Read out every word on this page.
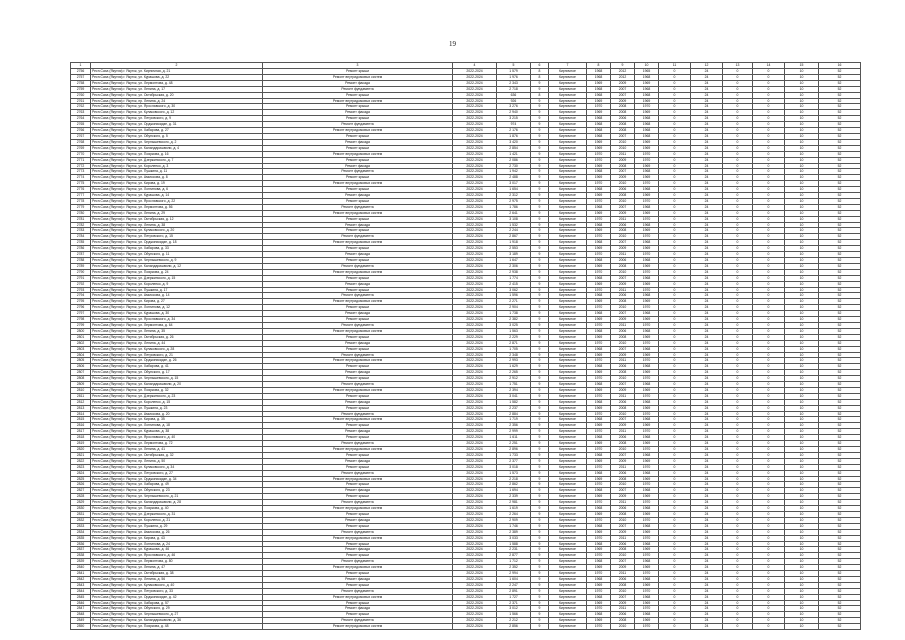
19
1	2	3	4	5	6	7	8	9	10	11	12	13	14	15	16
2756	Респ.Саха (Якутия) г. Якутск, ул. Кирпичная, д. 21	Ремонт крыши	2022-2024	1 579	8	Кирпичное	1968	2012	1965	0	24	0	0	10	52
2757	Респ.Саха (Якутия) г. Якутск, ул. Курашова, д. 22	Ремонт внутридомовых систем	2022-2024	1 976	8	Кирпичное	1968	2012	1968	0	24	0	0	10	52
2758	Респ.Саха (Якутия) г. Якутск, ул. Лермонтова, д. 48	Ремонт фасада	2022-2024	2 343	9	Кирпичное	1969	2009	1969	0	24	0	0	10	52
2759	Респ.Саха (Якутия) г. Якутск, ул. Ленина, д. 17	Ремонт фундамента	2022-2024	2 718	9	Кирпичное	1968	2007	1968	0	24	0	0	10	52
2760	Респ.Саха (Якутия) г. Якутск, ул. Октябрьская, д. 20	Ремонт крыши	2022-2024	636	8	Кирпичное	1968	2007	1968	0	24	0	0	10	52
2761	Респ.Саха (Якутия) г. Якутск, пр. Ленина, д. 24	Ремонт внутридомовых систем	2022-2024	926	9	Кирпичное	1969	2009	1969	0	24	0	0	10	52
2762	Респ.Саха (Якутия) г. Якутск, ул. Ярославского, д. 30	Ремонт крыши	2022-2024	3 276	9	Кирпичное	1970	2008	1970	0	24	0	0	10	52
2763	Респ.Саха (Якутия) г. Якутск, ул. Кулаковского, д. 12	Ремонт фасада	2022-2024	2 940	9	Кирпичное	1969	2008	1969	0	24	0	0	10	52
2764	Респ.Саха (Якутия) г. Якутск, ул. Петровского, д. 9	Ремонт крыши	2022-2024	3 215	9	Кирпичное	1968	2006	1968	0	24	0	0	10	52
2765	Респ.Саха (Якутия) г. Якутск, ул. Орджоникидзе, д. 31	Ремонт фундамента	2022-2024	974	9	Кирпичное	1968	2008	1968	0	24	0	0	10	52
2766	Респ.Саха (Якутия) г. Якутск, ул. Хабарова, д. 27	Ремонт внутридомовых систем	2022-2024	2 176	9	Кирпичное	1968	2008	1968	0	24	0	0	10	52
2767	Респ.Саха (Якутия) г. Якутск, ул. Ойунского, д. 5	Ремонт крыши	2022-2024	1 876	9	Кирпичное	1968	2007	1968	0	24	0	0	10	52
2768	Респ.Саха (Якутия) г. Якутск, ул. Чернышевского, д. 2	Ремонт фасада	2022-2024	3 420	9	Кирпичное	1969	2010	1969	0	24	0	0	10	52
2769	Респ.Саха (Якутия) г. Якутск, ул. Каландаришвили, д. 4	Ремонт крыши	2022-2024	2 854	9	Кирпичное	1969	2010	1969	0	24	0	0	10	52
2770	Респ.Саха (Якутия) г. Якутск, ул. Пояркова, д. 16	Ремонт внутридомовых систем	2022-2024	1 421	9	Кирпичное	1970	2011	1970	0	24	0	0	10	52
2771	Респ.Саха (Якутия) г. Якутск, ул. Дзержинского, д. 7	Ремонт крыши	2022-2024	2 086	9	Кирпичное	1970	2009	1970	0	24	0	0	10	52
2772	Респ.Саха (Якутия) г. Якутск, ул. Короленко, д. 3	Ремонт фасада	2022-2024	2 730	9	Кирпичное	1969	2008	1969	0	24	0	0	10	52
2773	Респ.Саха (Якутия) г. Якутск, ул. Пушкина, д. 11	Ремонт фундамента	2022-2024	1 942	9	Кирпичное	1968	2007	1968	0	24	0	0	10	52
2774	Респ.Саха (Якутия) г. Якутск, ул. Аммосова, д. 8	Ремонт крыши	2022-2024	2 488	9	Кирпичное	1969	2009	1969	0	24	0	0	10	52
2775	Респ.Саха (Якутия) г. Якутск, ул. Кирова, д. 19	Ремонт внутридомовых систем	2022-2024	3 017	9	Кирпичное	1970	2010	1970	0	24	0	0	10	52
2776	Респ.Саха (Якутия) г. Якутск, ул. Лонгинова, д. 6	Ремонт крыши	2022-2024	1 654	9	Кирпичное	1968	2006	1968	0	24	0	0	10	52
2777	Респ.Саха (Якутия) г. Якутск, ул. Курашова, д. 14	Ремонт фасада	2022-2024	2 312	9	Кирпичное	1969	2008	1969	0	24	0	0	10	52
2778	Респ.Саха (Якутия) г. Якутск, ул. Ярославского, д. 22	Ремонт крыши	2022-2024	2 975	9	Кирпичное	1970	2010	1970	0	24	0	0	10	52
2779	Респ.Саха (Якутия) г. Якутск, ул. Лермонтова, д. 56	Ремонт фундамента	2022-2024	1 786	9	Кирпичное	1968	2007	1968	0	24	0	0	10	52
2780	Респ.Саха (Якутия) г. Якутск, ул. Ленина, д. 29	Ремонт внутридомовых систем	2022-2024	2 641	9	Кирпичное	1969	2009	1969	0	24	0	0	10	52
2781	Респ.Саха (Якутия) г. Якутск, ул. Октябрьская, д. 12	Ремонт крыши	2022-2024	3 108	9	Кирпичное	1970	2011	1970	0	24	0	0	10	52
2782	Респ.Саха (Якутия) г. Якутск, пр. Ленина, д. 38	Ремонт фасада	2022-2024	1 532	9	Кирпичное	1968	2006	1968	0	24	0	0	10	52
2783	Респ.Саха (Якутия) г. Якутск, ул. Кулаковского, д. 20	Ремонт крыши	2022-2024	2 244	9	Кирпичное	1969	2008	1969	0	24	0	0	10	52
2784	Респ.Саха (Якутия) г. Якутск, ул. Петровского, д. 15	Ремонт фундамента	2022-2024	2 867	9	Кирпичное	1970	2010	1970	0	24	0	0	10	52
2785	Респ.Саха (Якутия) г. Якутск, ул. Орджоникидзе, д. 18	Ремонт внутридомовых систем	2022-2024	1 918	9	Кирпичное	1968	2007	1968	0	24	0	0	10	52
2786	Респ.Саха (Якутия) г. Якутск, ул. Хабарова, д. 33	Ремонт крыши	2022-2024	2 553	9	Кирпичное	1969	2009	1969	0	24	0	0	10	52
2787	Респ.Саха (Якутия) г. Якутск, ул. Ойунского, д. 11	Ремонт фасада	2022-2024	3 189	9	Кирпичное	1970	2011	1970	0	24	0	0	10	52
2788	Респ.Саха (Якутия) г. Якутск, ул. Чернышевского, д. 9	Ремонт крыши	2022-2024	1 647	9	Кирпичное	1968	2006	1968	0	24	0	0	10	52
2789	Респ.Саха (Якутия) г. Якутск, ул. Каландаришвили, д. 12	Ремонт фундамента	2022-2024	2 306	9	Кирпичное	1969	2008	1969	0	24	0	0	10	52
2790	Респ.Саха (Якутия) г. Якутск, ул. Пояркова, д. 24	Ремонт внутридомовых систем	2022-2024	2 938	9	Кирпичное	1970	2010	1970	0	24	0	0	10	52
2791	Респ.Саха (Якутия) г. Якутск, ул. Дзержинского, д. 15	Ремонт крыши	2022-2024	1 774	9	Кирпичное	1968	2007	1968	0	24	0	0	10	52
2792	Респ.Саха (Якутия) г. Якутск, ул. Короленко, д. 9	Ремонт фасада	2022-2024	2 415	9	Кирпичное	1969	2009	1969	0	24	0	0	10	52
2793	Респ.Саха (Якутия) г. Якутск, ул. Пушкина, д. 17	Ремонт крыши	2022-2024	3 062	9	Кирпичное	1970	2011	1970	0	24	0	0	10	52
2794	Респ.Саха (Якутия) г. Якутск, ул. Аммосова, д. 14	Ремонт фундамента	2022-2024	1 596	9	Кирпичное	1968	2006	1968	0	24	0	0	10	52
2795	Респ.Саха (Якутия) г. Якутск, ул. Кирова, д. 27	Ремонт внутридомовых систем	2022-2024	2 271	9	Кирпичное	1969	2008	1969	0	24	0	0	10	52
2796	Респ.Саха (Якутия) г. Якутск, ул. Лонгинова, д. 12	Ремонт крыши	2022-2024	2 904	9	Кирпичное	1970	2010	1970	0	24	0	0	10	52
2797	Респ.Саха (Якутия) г. Якутск, ул. Курашова, д. 30	Ремонт фасада	2022-2024	1 738	9	Кирпичное	1968	2007	1968	0	24	0	0	10	52
2798	Респ.Саха (Якутия) г. Якутск, ул. Ярославского, д. 34	Ремонт крыши	2022-2024	2 382	9	Кирпичное	1969	2009	1969	0	24	0	0	10	52
2799	Респ.Саха (Якутия) г. Якутск, ул. Лермонтова, д. 64	Ремонт фундамента	2022-2024	3 025	9	Кирпичное	1970	2011	1970	0	24	0	0	10	52
2800	Респ.Саха (Якутия) г. Якутск, ул. Ленина, д. 35	Ремонт внутридомовых систем	2022-2024	1 563	9	Кирпичное	1968	2006	1968	0	24	0	0	10	52
2801	Респ.Саха (Якутия) г. Якутск, ул. Октябрьская, д. 26	Ремонт крыши	2022-2024	2 229	9	Кирпичное	1969	2008	1969	0	24	0	0	10	52
2802	Респ.Саха (Якутия) г. Якутск, пр. Ленина, д. 44	Ремонт фасада	2022-2024	2 871	9	Кирпичное	1970	2010	1970	0	24	0	0	10	52
2803	Респ.Саха (Якутия) г. Якутск, ул. Кулаковского, д. 28	Ремонт крыши	2022-2024	1 705	9	Кирпичное	1968	2007	1968	0	24	0	0	10	52
2804	Респ.Саха (Якутия) г. Якутск, ул. Петровского, д. 21	Ремонт фундамента	2022-2024	2 348	9	Кирпичное	1969	2009	1969	0	24	0	0	10	52
2805	Респ.Саха (Якутия) г. Якутск, ул. Орджоникидзе, д. 26	Ремонт внутридомовых систем	2022-2024	2 993	9	Кирпичное	1970	2011	1970	0	24	0	0	10	52
2806	Респ.Саха (Якутия) г. Якутск, ул. Хабарова, д. 41	Ремонт крыши	2022-2024	1 629	9	Кирпичное	1968	2006	1968	0	24	0	0	10	52
2807	Респ.Саха (Якутия) г. Якутск, ул. Ойунского, д. 17	Ремонт фасада	2022-2024	2 265	9	Кирпичное	1969	2008	1969	0	24	0	0	10	52
2808	Респ.Саха (Якутия) г. Якутск, ул. Чернышевского, д. 15	Ремонт крыши	2022-2024	2 912	9	Кирпичное	1970	2010	1970	0	24	0	0	10	52
2809	Респ.Саха (Якутия) г. Якутск, ул. Каландаришвили, д. 20	Ремонт фундамента	2022-2024	1 751	9	Кирпичное	1968	2007	1968	0	24	0	0	10	52
2810	Респ.Саха (Якутия) г. Якутск, ул. Пояркова, д. 32	Ремонт внутридомовых систем	2022-2024	2 394	9	Кирпичное	1969	2009	1969	0	24	0	0	10	52
2811	Респ.Саха (Якутия) г. Якутск, ул. Дзержинского, д. 23	Ремонт крыши	2022-2024	3 041	9	Кирпичное	1970	2011	1970	0	24	0	0	10	52
2812	Респ.Саха (Якутия) г. Якутск, ул. Короленко, д. 15	Ремонт фасада	2022-2024	1 582	9	Кирпичное	1968	2006	1968	0	24	0	0	10	52
2813	Респ.Саха (Якутия) г. Якутск, ул. Пушкина, д. 23	Ремонт крыши	2022-2024	2 237	9	Кирпичное	1969	2008	1969	0	24	0	0	10	52
2814	Респ.Саха (Якутия) г. Якутск, ул. Аммосова, д. 20	Ремонт фундамента	2022-2024	2 884	9	Кирпичное	1970	2010	1970	0	24	0	0	10	52
2815	Респ.Саха (Якутия) г. Якутск, ул. Кирова, д. 35	Ремонт внутридомовых систем	2022-2024	1 719	9	Кирпичное	1968	2007	1968	0	24	0	0	10	52
2816	Респ.Саха (Якутия) г. Якутск, ул. Лонгинова, д. 18	Ремонт крыши	2022-2024	2 356	9	Кирпичное	1969	2009	1969	0	24	0	0	10	52
2817	Респ.Саха (Якутия) г. Якутск, ул. Курашова, д. 38	Ремонт фасада	2022-2024	2 999	9	Кирпичное	1970	2011	1970	0	24	0	0	10	52
2818	Респ.Саха (Якутия) г. Якутск, ул. Ярославского, д. 40	Ремонт крыши	2022-2024	1 611	9	Кирпичное	1968	2006	1968	0	24	0	0	10	52
2819	Респ.Саха (Якутия) г. Якутск, ул. Лермонтова, д. 72	Ремонт фундамента	2022-2024	2 251	9	Кирпичное	1969	2008	1969	0	24	0	0	10	52
2820	Респ.Саха (Якутия) г. Якутск, ул. Ленина, д. 41	Ремонт внутридомовых систем	2022-2024	2 896	9	Кирпичное	1970	2010	1970	0	24	0	0	10	52
2821	Респ.Саха (Якутия) г. Якутск, ул. Октябрьская, д. 32	Ремонт крыши	2022-2024	1 733	9	Кирпичное	1968	2007	1968	0	24	0	0	10	52
2822	Респ.Саха (Якутия) г. Якутск, пр. Ленина, д. 50	Ремонт фасада	2022-2024	2 377	9	Кирпичное	1969	2009	1969	0	24	0	0	10	52
2823	Респ.Саха (Якутия) г. Якутск, ул. Кулаковского, д. 34	Ремонт крыши	2022-2024	3 018	9	Кирпичное	1970	2011	1970	0	24	0	0	10	52
2824	Респ.Саха (Якутия) г. Якутск, ул. Петровского, д. 27	Ремонт фундамента	2022-2024	1 573	9	Кирпичное	1968	2006	1968	0	24	0	0	10	52
2825	Респ.Саха (Якутия) г. Якутск, ул. Орджоникидзе, д. 34	Ремонт внутридомовых систем	2022-2024	2 218	9	Кирпичное	1969	2008	1969	0	24	0	0	10	52
2826	Респ.Саха (Якутия) г. Якутск, ул. Хабарова, д. 49	Ремонт крыши	2022-2024	2 862	9	Кирпичное	1970	2010	1970	0	24	0	0	10	52
2827	Респ.Саха (Якутия) г. Якутск, ул. Ойунского, д. 23	Ремонт фасада	2022-2024	1 694	9	Кирпичное	1968	2007	1968	0	24	0	0	10	52
2828	Респ.Саха (Якутия) г. Якутск, ул. Чернышевского, д. 21	Ремонт крыши	2022-2024	2 339	9	Кирпичное	1969	2009	1969	0	24	0	0	10	52
2829	Респ.Саха (Якутия) г. Якутск, ул. Каландаришвили, д. 28	Ремонт фундамента	2022-2024	2 981	9	Кирпичное	1970	2011	1970	0	24	0	0	10	52
2830	Респ.Саха (Якутия) г. Якутск, ул. Пояркова, д. 40	Ремонт внутридомовых систем	2022-2024	1 619	9	Кирпичное	1968	2006	1968	0	24	0	0	10	52
2831	Респ.Саха (Якутия) г. Якутск, ул. Дзержинского, д. 31	Ремонт крыши	2022-2024	2 264	9	Кирпичное	1969	2008	1969	0	24	0	0	10	52
2832	Респ.Саха (Якутия) г. Якутск, ул. Короленко, д. 21	Ремонт фасада	2022-2024	2 909	9	Кирпичное	1970	2010	1970	0	24	0	0	10	52
2833	Респ.Саха (Якутия) г. Якутск, ул. Пушкина, д. 29	Ремонт крыши	2022-2024	1 746	9	Кирпичное	1968	2007	1968	0	24	0	0	10	52
2834	Респ.Саха (Якутия) г. Якутск, ул. Аммосова, д. 26	Ремонт фундамента	2022-2024	2 389	9	Кирпичное	1969	2009	1969	0	24	0	0	10	52
2835	Респ.Саха (Якутия) г. Якутск, ул. Кирова, д. 43	Ремонт внутридомовых систем	2022-2024	3 033	9	Кирпичное	1970	2011	1970	0	24	0	0	10	52
2836	Респ.Саха (Якутия) г. Якутск, ул. Лонгинова, д. 24	Ремонт крыши	2022-2024	1 588	9	Кирпичное	1968	2006	1968	0	24	0	0	10	52
2837	Респ.Саха (Якутия) г. Якутск, ул. Курашова, д. 46	Ремонт фасада	2022-2024	2 231	9	Кирпичное	1969	2008	1969	0	24	0	0	10	52
2838	Респ.Саха (Якутия) г. Якутск, ул. Ярославского, д. 46	Ремонт крыши	2022-2024	2 877	9	Кирпичное	1970	2010	1970	0	24	0	0	10	52
2839	Респ.Саха (Якутия) г. Якутск, ул. Лермонтова, д. 80	Ремонт фундамента	2022-2024	1 712	9	Кирпичное	1968	2007	1968	0	24	0	0	10	52
2840	Респ.Саха (Якутия) г. Якутск, ул. Ленина, д. 47	Ремонт внутридомовых систем	2022-2024	2 352	9	Кирпичное	1969	2009	1969	0	24	0	0	10	52
2841	Респ.Саха (Якутия) г. Якутск, ул. Октябрьская, д. 38	Ремонт крыши	2022-2024	2 994	9	Кирпичное	1970	2011	1970	0	24	0	0	10	52
2842	Респ.Саха (Якутия) г. Якутск, пр. Ленина, д. 56	Ремонт фасада	2022-2024	1 604	9	Кирпичное	1968	2006	1968	0	24	0	0	10	52
2843	Респ.Саха (Якутия) г. Якутск, ул. Кулаковского, д. 40	Ремонт крыши	2022-2024	2 247	9	Кирпичное	1969	2008	1969	0	24	0	0	10	52
2844	Респ.Саха (Якутия) г. Якутск, ул. Петровского, д. 33	Ремонт фундамента	2022-2024	2 891	9	Кирпичное	1970	2010	1970	0	24	0	0	10	52
2845	Респ.Саха (Якутия) г. Якутск, ул. Орджоникидзе, д. 42	Ремонт внутридомовых систем	2022-2024	1 727	9	Кирпичное	1968	2007	1968	0	24	0	0	10	52
2846	Респ.Саха (Якутия) г. Якутск, ул. Хабарова, д. 57	Ремонт крыши	2022-2024	2 371	9	Кирпичное	1969	2009	1969	0	24	0	0	10	52
2847	Респ.Саха (Якутия) г. Якутск, ул. Ойунского, д. 29	Ремонт фасада	2022-2024	3 012	9	Кирпичное	1970	2011	1970	0	24	0	0	10	52
2848	Респ.Саха (Якутия) г. Якутск, ул. Чернышевского, д. 27	Ремонт крыши	2022-2024	1 566	9	Кирпичное	1968	2006	1968	0	24	0	0	10	52
2849	Респ.Саха (Якутия) г. Якутск, ул. Каландаришвили, д. 36	Ремонт фундамента	2022-2024	2 212	9	Кирпичное	1969	2008	1969	0	24	0	0	10	52
2850	Респ.Саха (Якутия) г. Якутск, ул. Пояркова, д. 48	Ремонт внутридомовых систем	2022-2024	2 856	9	Кирпичное	1970	2010	1970	0	24	0	0	10	52
